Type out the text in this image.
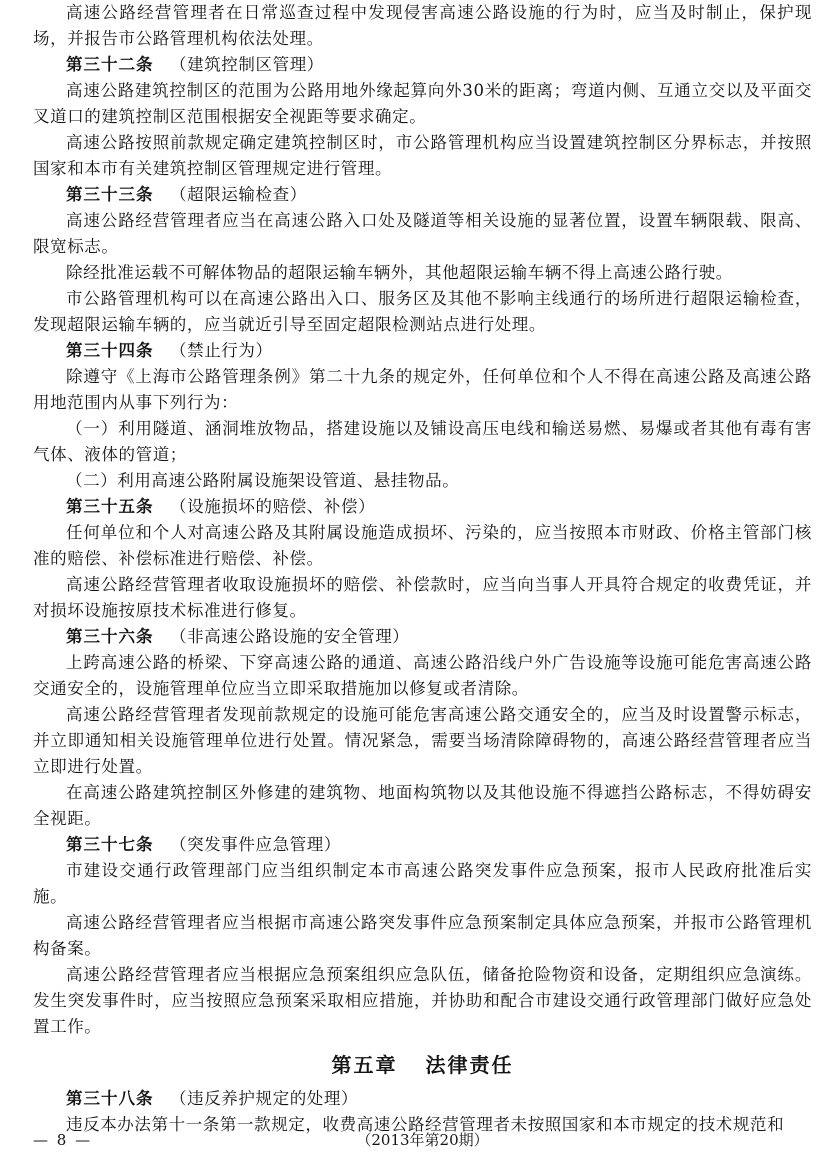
高速公路经营管理者在日常巡查过程中发现侵害高速公路设施的行为时，应当及时制止，保护现场，并报告市公路管理机构依法处理。

第三十二条 （建筑控制区管理）

高速公路建筑控制区的范围为公路用地外缘起算向外30米的距离；弯道内侧、互通立交以及平面交叉道口的建筑控制区范围根据安全视距等要求确定。

高速公路按照前款规定确定建筑控制区时，市公路管理机构应当设置建筑控制区分界标志，并按照国家和本市有关建筑控制区管理规定进行管理。

第三十三条 （超限运输检查）

高速公路经营管理者应当在高速公路入口处及隧道等相关设施的显著位置，设置车辆限载、限高、限宽标志。

除经批准运载不可解体物品的超限运输车辆外，其他超限运输车辆不得上高速公路行驶。

市公路管理机构可以在高速公路出入口、服务区及其他不影响主线通行的场所进行超限运输检查，发现超限运输车辆的，应当就近引导至固定超限检测站点进行处理。

第三十四条 （禁止行为）

除遵守《上海市公路管理条例》第二十九条的规定外，任何单位和个人不得在高速公路及高速公路用地范围内从事下列行为：

（一）利用隧道、涵洞堆放物品，搭建设施以及铺设高压电线和输送易燃、易爆或者其他有毒有害气体、液体的管道；

（二）利用高速公路附属设施架设管道、悬挂物品。

第三十五条 （设施损坏的赔偿、补偿）

任何单位和个人对高速公路及其附属设施造成损坏、污染的，应当按照本市财政、价格主管部门核准的赔偿、补偿标准进行赔偿、补偿。

高速公路经营管理者收取设施损坏的赔偿、补偿款时，应当向当事人开具符合规定的收费凭证，并对损坏设施按原技术标准进行修复。

第三十六条 （非高速公路设施的安全管理）

上跨高速公路的桥梁、下穿高速公路的通道、高速公路沿线户外广告设施等设施可能危害高速公路交通安全的，设施管理单位应当立即采取措施加以修复或者清除。

高速公路经营管理者发现前款规定的设施可能危害高速公路交通安全的，应当及时设置警示标志，并立即通知相关设施管理单位进行处置。情况紧急，需要当场清除障碍物的，高速公路经营管理者应当立即进行处置。

在高速公路建筑控制区外修建的建筑物、地面构筑物以及其他设施不得遮挡公路标志，不得妨碍安全视距。

第三十七条 （突发事件应急管理）

市建设交通行政管理部门应当组织制定本市高速公路突发事件应急预案，报市人民政府批准后实施。

高速公路经营管理者应当根据市高速公路突发事件应急预案制定具体应急预案，并报市公路管理机构备案。

高速公路经营管理者应当根据应急预案组织应急队伍，储备抢险物资和设备，定期组织应急演练。发生突发事件时，应当按照应急预案采取相应措施，并协助和配合市建设交通行政管理部门做好应急处置工作。

第五章 法律责任

第三十八条 （违反养护规定的处理）

违反本办法第十一条第一款规定，收费高速公路经营管理者未按照国家和本市规定的技术规范和

— 8 —	（2013年第20期）
